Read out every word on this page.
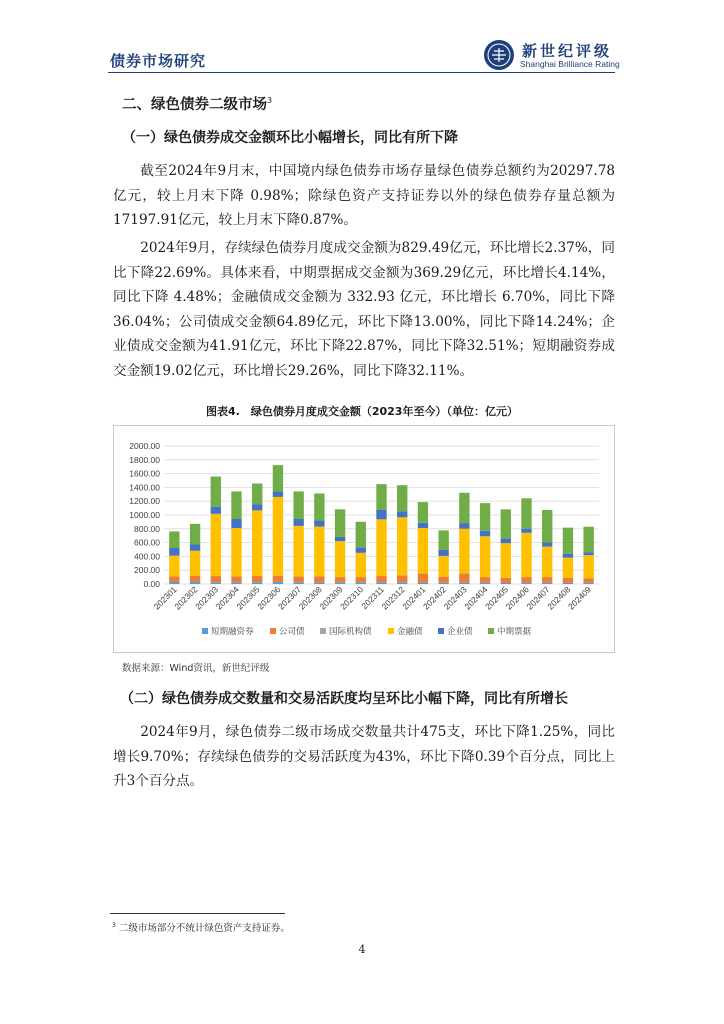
债券市场研究
新世纪评级
Shanghai Brilliance Rating
二、绿色债券二级市场$^3$
（一）绿色债券成交金额环比小幅增长，同比有所下降

截至2024年9月末，中国境内绿色债券市场存量绿色债券总额约为20297.78亿元，较上月末下降 0.98%；除绿色资产支持证券以外的绿色债券存量总额为17197.91亿元，较上月末下降0.87%。

2024年9月，存续绿色债券月度成交金额为829.49亿元，环比增长2.37%，同比下降22.69%。具体来看，中期票据成交金额为369.29亿元，环比增长4.14%，同比下降 4.48%；金融债成交金额为 332.93 亿元，环比增长 6.70%，同比下降36.04%；公司债成交金额64.89亿元，环比下降13.00%，同比下降14.24%；企业债成交金额为41.91亿元，环比下降22.87%，同比下降32.51%；短期融资券成交金额19.02亿元，环比增长29.26%，同比下降32.11%。

图表4.　绿色债券月度成交金额（2023年至今）（单位：亿元）
0.00
200.00
400.00
600.00
800.00
1000.00
1200.00
1400.00
1600.00
1800.00
2000.00
202301
202302
202303
202304
202305
202306
202307
202308
202309
202310
202311
202312
202401
202402
202403
202404
202405
202406
202407
202408
202409
短期融资券	公司债	国际机构债	金融债	企业债	中期票据
数据来源：Wind资讯，新世纪评级
（二）绿色债券成交数量和交易活跃度均呈环比小幅下降，同比有所增长

2024年9月，绿色债券二级市场成交数量共计475支，环比下降1.25%，同比增长9.70%；存续绿色债券的交易活跃度为43%，环比下降0.39个百分点，同比上升3个百分点。

$^3$ 二级市场部分不统计绿色资产支持证券。
4
